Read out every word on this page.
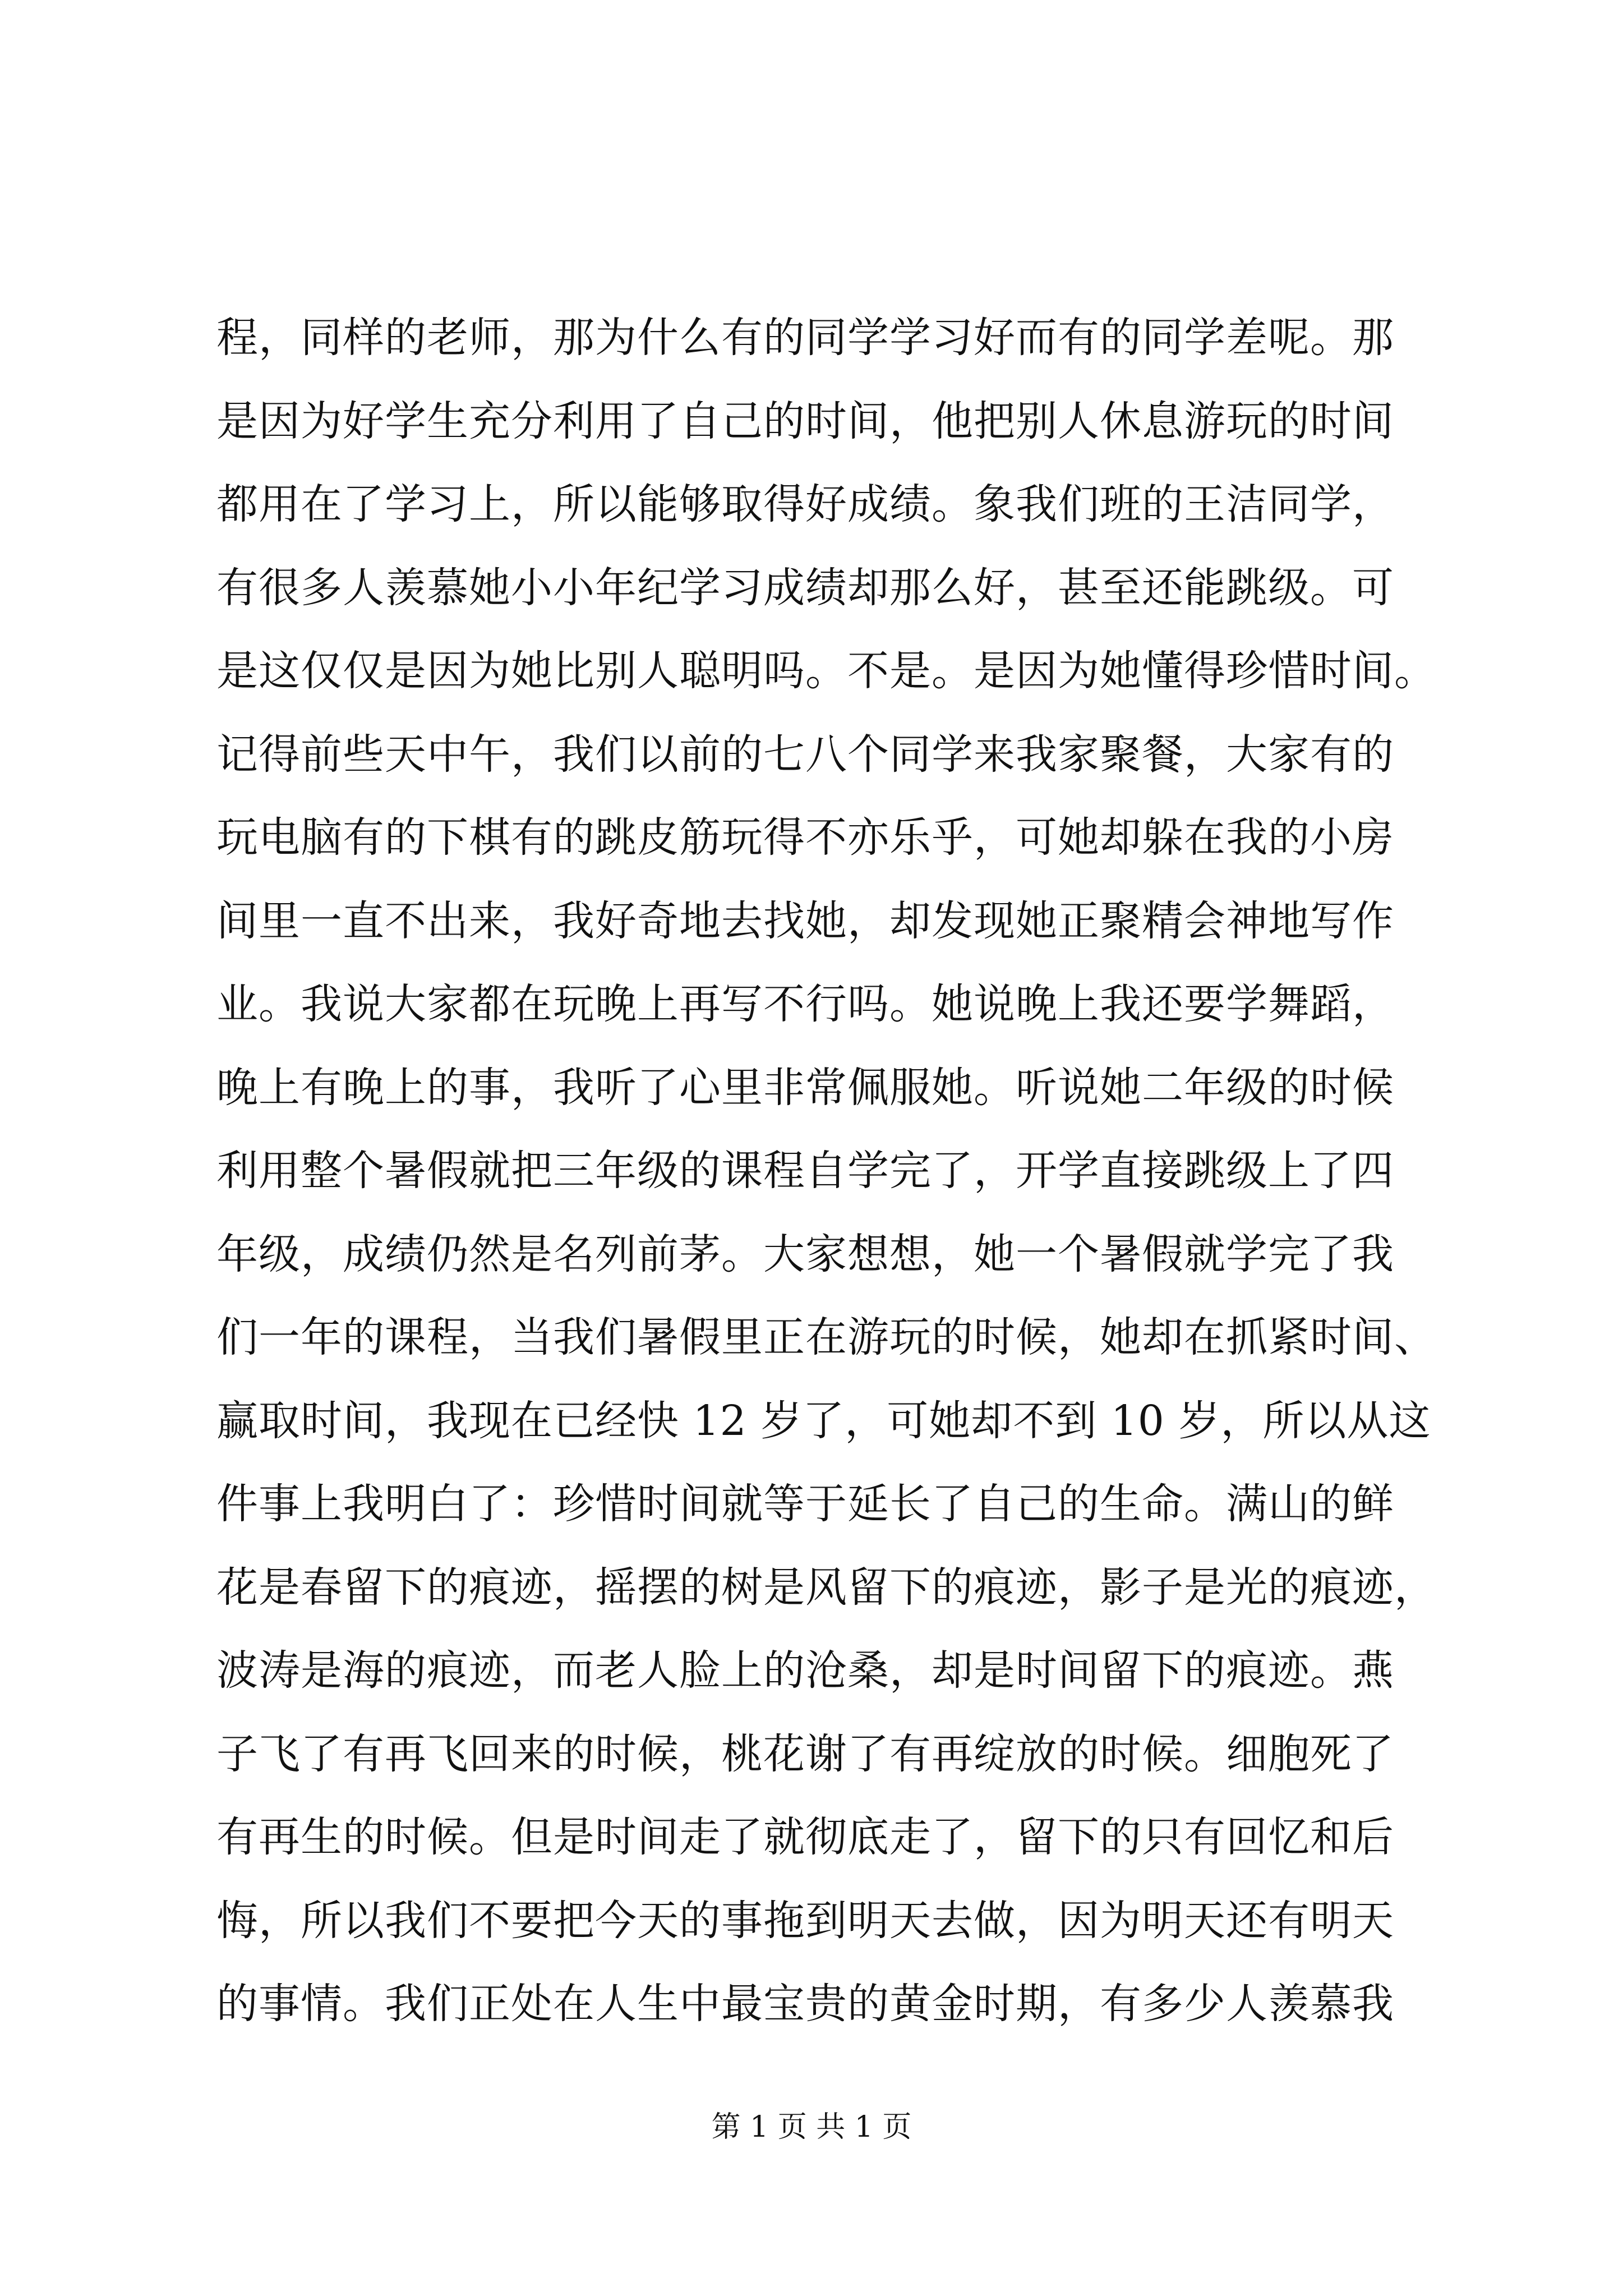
程，同样的老师，那为什么有的同学学习好而有的同学差呢。那
是因为好学生充分利用了自己的时间，他把别人休息游玩的时间
都用在了学习上，所以能够取得好成绩。象我们班的王洁同学，
有很多人羡慕她小小年纪学习成绩却那么好，甚至还能跳级。可
是这仅仅是因为她比别人聪明吗。不是。是因为她懂得珍惜时间。
记得前些天中午，我们以前的七八个同学来我家聚餐，大家有的
玩电脑有的下棋有的跳皮筋玩得不亦乐乎，可她却躲在我的小房
间里一直不出来，我好奇地去找她，却发现她正聚精会神地写作
业。我说大家都在玩晚上再写不行吗。她说晚上我还要学舞蹈，
晚上有晚上的事，我听了心里非常佩服她。听说她二年级的时候
利用整个暑假就把三年级的课程自学完了，开学直接跳级上了四
年级，成绩仍然是名列前茅。大家想想，她一个暑假就学完了我
们一年的课程，当我们暑假里正在游玩的时候，她却在抓紧时间、
赢取时间，我现在已经快 12 岁了，可她却不到 10 岁，所以从这
件事上我明白了：珍惜时间就等于延长了自己的生命。满山的鲜
花是春留下的痕迹，摇摆的树是风留下的痕迹，影子是光的痕迹，
波涛是海的痕迹，而老人脸上的沧桑，却是时间留下的痕迹。燕
子飞了有再飞回来的时候，桃花谢了有再绽放的时候。细胞死了
有再生的时候。但是时间走了就彻底走了，留下的只有回忆和后
悔，所以我们不要把今天的事拖到明天去做，因为明天还有明天
的事情。我们正处在人生中最宝贵的黄金时期，有多少人羡慕我
第 1 页 共 1 页
